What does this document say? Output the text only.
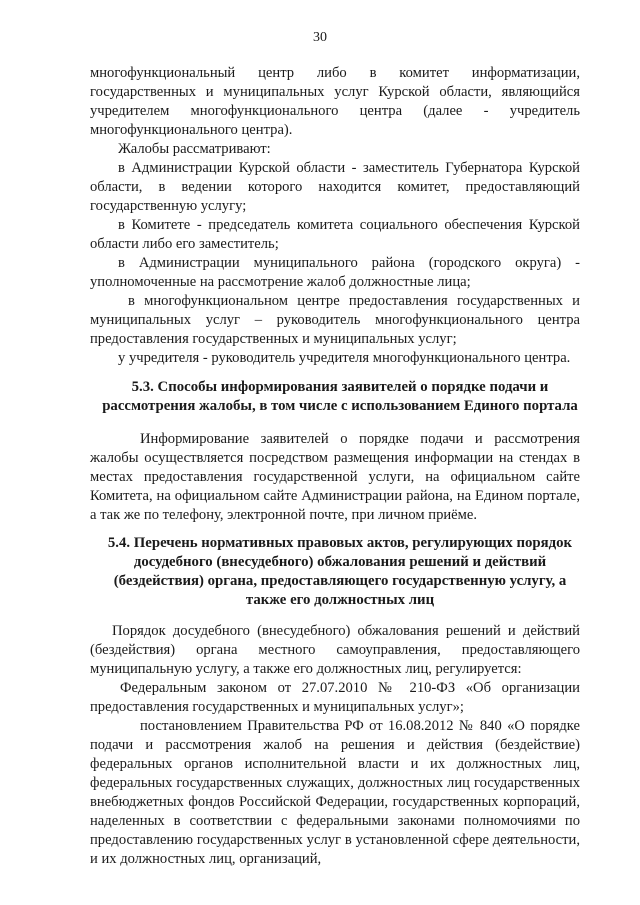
30

многофункциональный центр либо в комитет информатизации, государственных и муниципальных услуг Курской области, являющийся учредителем многофункционального центра (далее - учредитель многофункционального центра).

Жалобы рассматривают:

в Администрации Курской области - заместитель Губернатора Курской области, в ведении которого находится комитет, предоставляющий государственную услугу;

в Комитете - председатель комитета социального обеспечения Курской области либо его заместитель;

в Администрации муниципального района (городского округа) - уполномоченные на рассмотрение жалоб должностные лица;

в многофункциональном центре предоставления государственных и муниципальных услуг – руководитель многофункционального центра предоставления государственных и муниципальных услуг;

у учредителя - руководитель учредителя многофункционального центра.

5.3. Способы информирования заявителей о порядке подачи и рассмотрения жалобы, в том числе с использованием Единого портала

Информирование заявителей о порядке подачи и рассмотрения жалобы осуществляется посредством размещения информации на стендах в местах предоставления государственной услуги, на официальном сайте Комитета, на официальном сайте Администрации района, на Едином портале, а так же по телефону, электронной почте, при личном приёме.

5.4. Перечень нормативных правовых актов, регулирующих порядок досудебного (внесудебного) обжалования решений и действий (бездействия) органа, предоставляющего государственную услугу, а также его должностных лиц

Порядок досудебного (внесудебного) обжалования решений и действий (бездействия) органа местного самоуправления, предоставляющего муниципальную услугу, а также его должностных лиц, регулируется:

Федеральным законом от 27.07.2010 № 210-ФЗ «Об организации предоставления государственных и муниципальных услуг»;

постановлением Правительства РФ от 16.08.2012 № 840 «О порядке подачи и рассмотрения жалоб на решения и действия (бездействие) федеральных органов исполнительной власти и их должностных лиц, федеральных государственных служащих, должностных лиц государственных внебюджетных фондов Российской Федерации, государственных корпораций, наделенных в соответствии с федеральными законами полномочиями по предоставлению государственных услуг в установленной сфере деятельности, и их должностных лиц, организаций,
